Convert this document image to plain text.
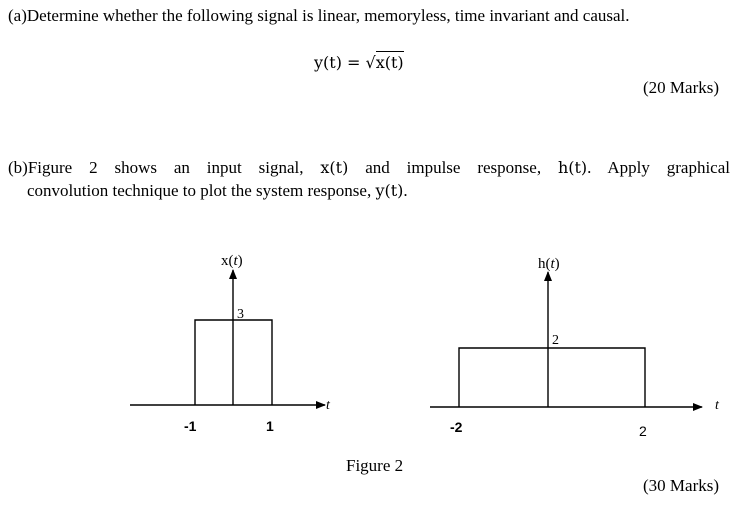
(a)Determine whether the following signal is linear, memoryless, time invariant and causal.
y(t) = √x(t)
(20 Marks)
(b)Figure 2 shows an input signal, x(t) and impulse response, h(t). Apply graphical
convolution technique to plot the system response, y(t).
x(t)
3
-1	1
t
h(t)
2
-2	2
t
Figure 2
(30 Marks)
